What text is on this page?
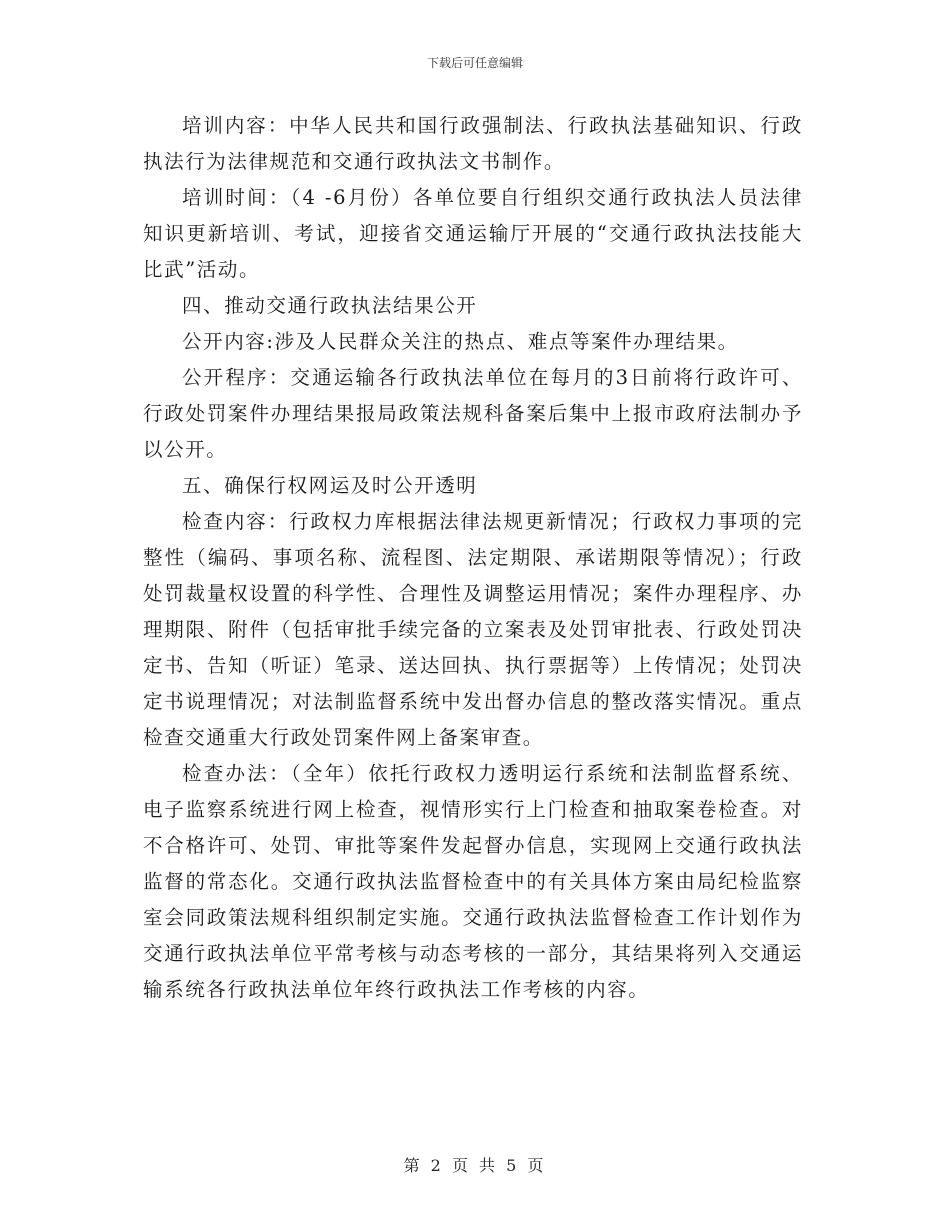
下载后可任意编辑

培训内容：中华人民共和国行政强制法、行政执法基础知识、行政执法行为法律规范和交通行政执法文书制作。

培训时间：（4 -6月份）各单位要自行组织交通行政执法人员法律知识更新培训、考试，迎接省交通运输厅开展的“交通行政执法技能大比武”活动。

四、推动交通行政执法结果公开

公开内容:涉及人民群众关注的热点、难点等案件办理结果。

公开程序：交通运输各行政执法单位在每月的3日前将行政许可、行政处罚案件办理结果报局政策法规科备案后集中上报市政府法制办予以公开。

五、确保行权网运及时公开透明

检查内容：行政权力库根据法律法规更新情况；行政权力事项的完整性（编码、事项名称、流程图、法定期限、承诺期限等情况）；行政处罚裁量权设置的科学性、合理性及调整运用情况；案件办理程序、办理期限、附件（包括审批手续完备的立案表及处罚审批表、行政处罚决定书、告知（听证）笔录、送达回执、执行票据等）上传情况；处罚决定书说理情况；对法制监督系统中发出督办信息的整改落实情况。重点检查交通重大行政处罚案件网上备案审查。

检查办法：（全年）依托行政权力透明运行系统和法制监督系统、电子监察系统进行网上检查，视情形实行上门检查和抽取案卷检查。对不合格许可、处罚、审批等案件发起督办信息，实现网上交通行政执法监督的常态化。交通行政执法监督检查中的有关具体方案由局纪检监察室会同政策法规科组织制定实施。交通行政执法监督检查工作计划作为交通行政执法单位平常考核与动态考核的一部分，其结果将列入交通运输系统各行政执法单位年终行政执法工作考核的内容。

第 2 页 共 5 页
